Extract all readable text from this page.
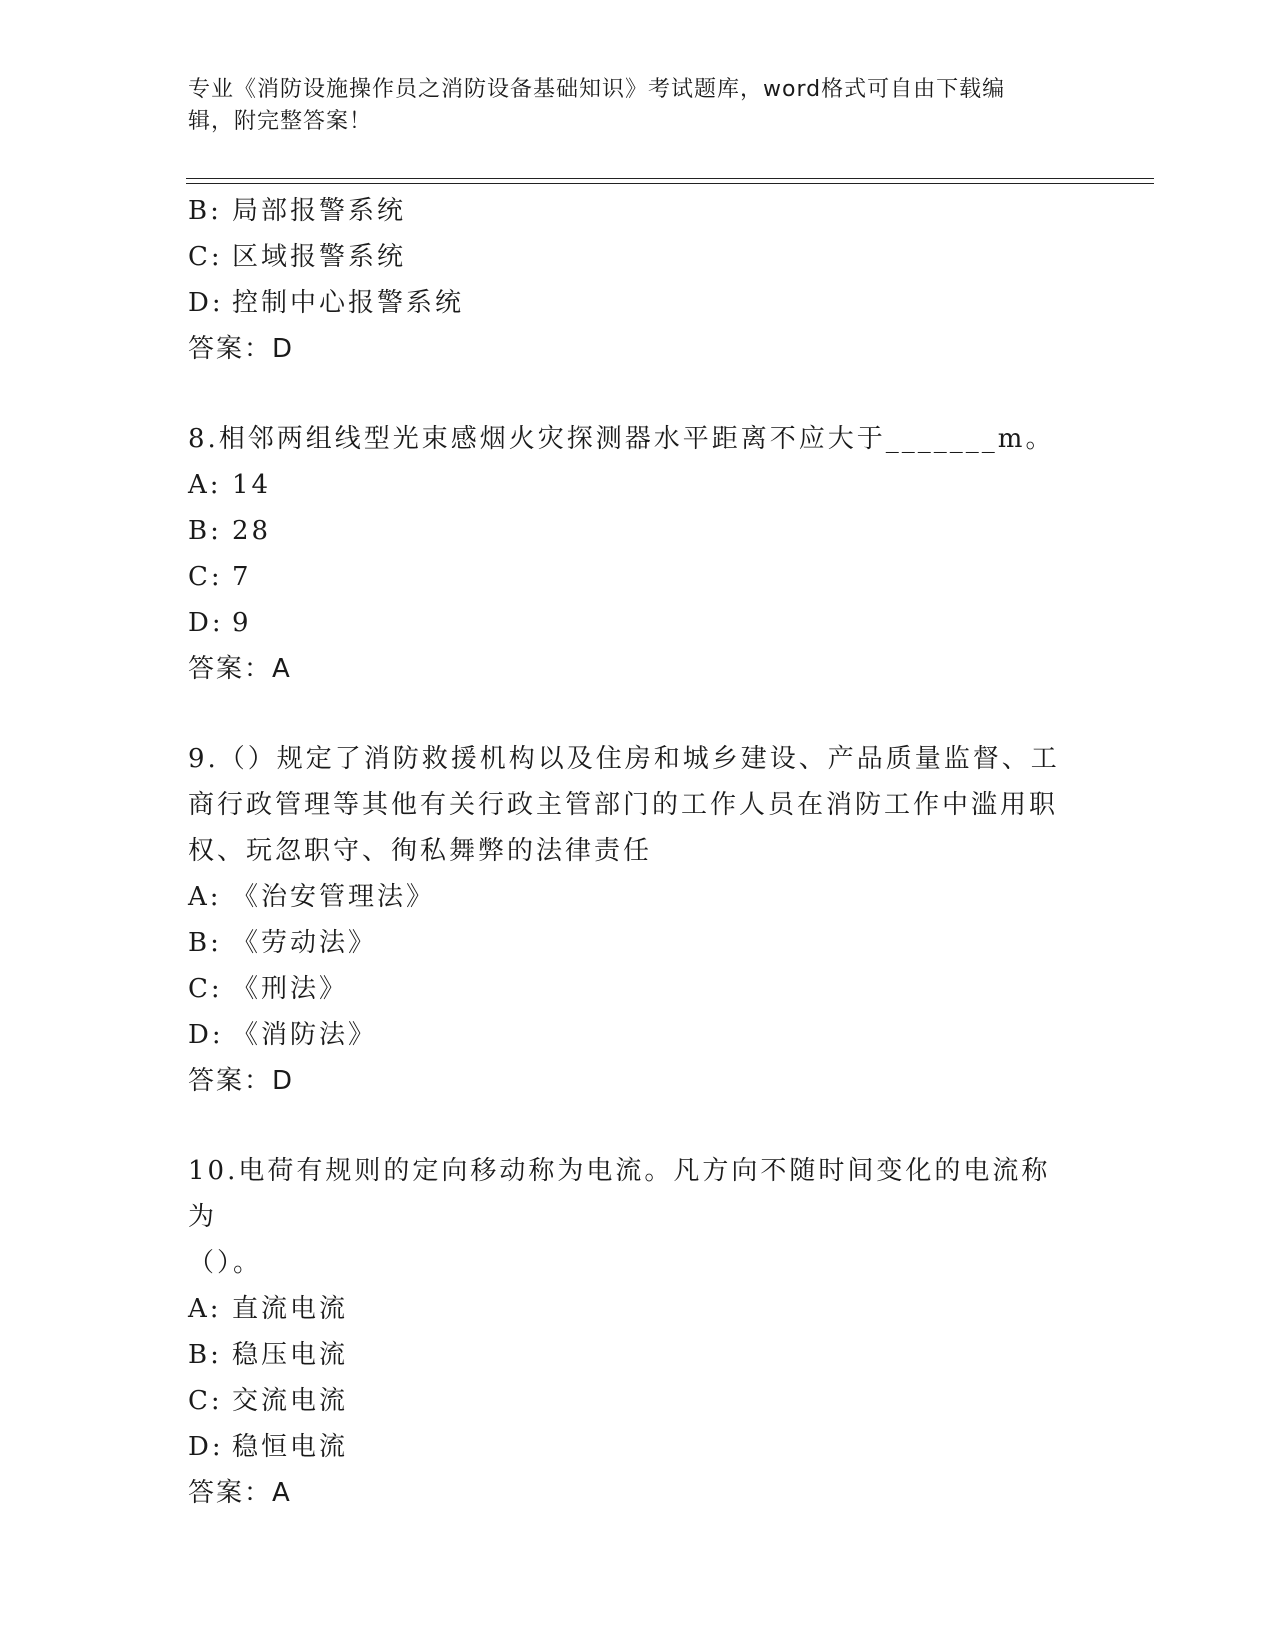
专业《消防设施操作员之消防设备基础知识》考试题库，word格式可自由下载编
辑，附完整答案！
B: 局部报警系统
C: 区域报警系统
D: 控制中心报警系统
答案：D
8.相邻两组线型光束感烟火灾探测器水平距离不应大于_______m。
A: 14
B: 28
C: 7
D: 9
答案：A
9.（）规定了消防救援机构以及住房和城乡建设、产品质量监督、工
商行政管理等其他有关行政主管部门的工作人员在消防工作中滥用职
权、玩忽职守、徇私舞弊的法律责任
A: 《治安管理法》
B: 《劳动法》
C: 《刑法》
D: 《消防法》
答案：D
10.电荷有规则的定向移动称为电流。凡方向不随时间变化的电流称为
（）。
A: 直流电流
B: 稳压电流
C: 交流电流
D: 稳恒电流
答案：A
